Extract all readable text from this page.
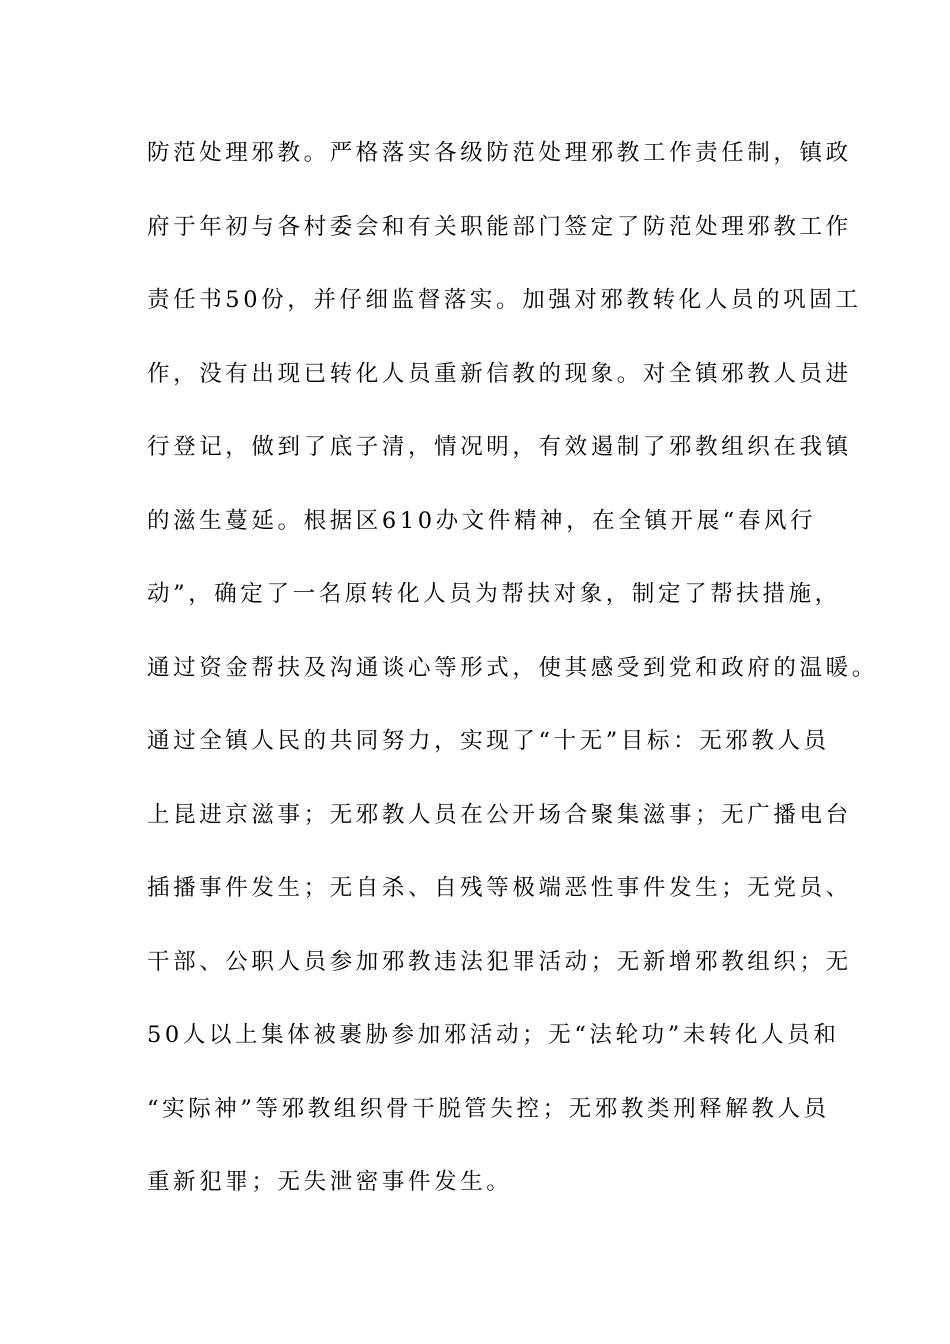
防范处理邪教。严格落实各级防范处理邪教工作责任制，镇政
府于年初与各村委会和有关职能部门签定了防范处理邪教工作
责任书50份，并仔细监督落实。加强对邪教转化人员的巩固工
作，没有出现已转化人员重新信教的现象。对全镇邪教人员进
行登记，做到了底子清，情况明，有效遏制了邪教组织在我镇
的滋生蔓延。根据区610办文件精神，在全镇开展“春风行
动”，确定了一名原转化人员为帮扶对象，制定了帮扶措施，
通过资金帮扶及沟通谈心等形式，使其感受到党和政府的温暖。
通过全镇人民的共同努力，实现了“十无”目标：无邪教人员
上昆进京滋事；无邪教人员在公开场合聚集滋事；无广播电台
插播事件发生；无自杀、自残等极端恶性事件发生；无党员、
干部、公职人员参加邪教违法犯罪活动；无新增邪教组织；无
50人以上集体被裹胁参加邪活动；无“法轮功”未转化人员和
“实际神”等邪教组织骨干脱管失控；无邪教类刑释解教人员
重新犯罪；无失泄密事件发生。
